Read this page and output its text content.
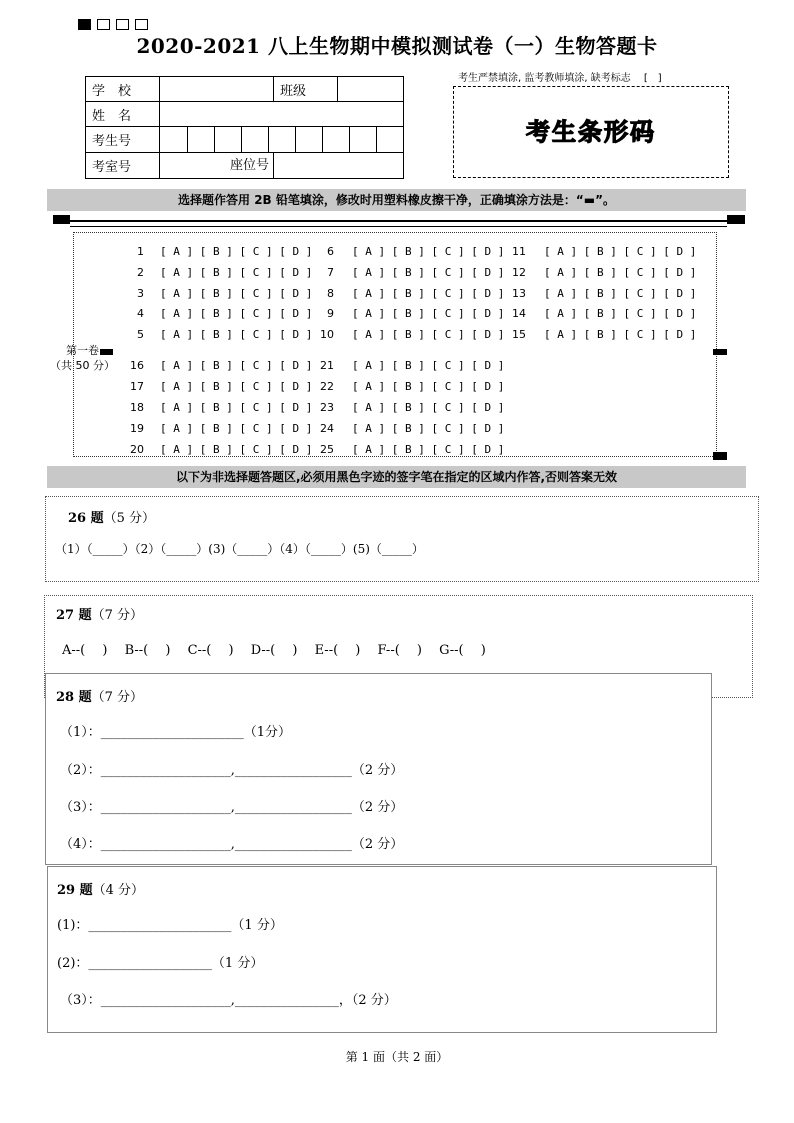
2020-2021 八上生物期中模拟测试卷（一）生物答题卡
学　校		班级	
姓　名			
考生号			

考室号	座位号		

考生严禁填涂, 监考教师填涂, 缺考标志　 [　]
考生条形码
选择题作答用 2B 铅笔填涂，修改时用塑料橡皮擦干净，正确填涂方法是：“▬”。
第一卷
（共 50 分）
1 [ A ] [ B ] [ C ] [ D ]	6 [ A ] [ B ] [ C ] [ D ] 11 [ A ] [ B ] [ C ] [ D ]
2 [ A ] [ B ] [ C ] [ D ]	7 [ A ] [ B ] [ C ] [ D ] 12 [ A ] [ B ] [ C ] [ D ]
3 [ A ] [ B ] [ C ] [ D ]	8 [ A ] [ B ] [ C ] [ D ] 13 [ A ] [ B ] [ C ] [ D ]
4 [ A ] [ B ] [ C ] [ D ]	9 [ A ] [ B ] [ C ] [ D ] 14 [ A ] [ B ] [ C ] [ D ]
5 [ A ] [ B ] [ C ] [ D ] 10 [ A ] [ B ] [ C ] [ D ] 15 [ A ] [ B ] [ C ] [ D ]
16 [ A ] [ B ] [ C ] [ D ] 21 [ A ] [ B ] [ C ] [ D ]
17 [ A ] [ B ] [ C ] [ D ] 22 [ A ] [ B ] [ C ] [ D ]
18 [ A ] [ B ] [ C ] [ D ] 23 [ A ] [ B ] [ C ] [ D ]
19 [ A ] [ B ] [ C ] [ D ] 24 [ A ] [ B ] [ C ] [ D ]
20 [ A ] [ B ] [ C ] [ D ] 25 [ A ] [ B ] [ C ] [ D ]
以下为非选择题答题区,必须用黑色字迹的签字笔在指定的区域内作答,否则答案无效
26 题（5 分）
（1）（_____）（2）（_____）(3)（_____）（4）（_____）(5)（_____）
27 题（7 分）
A--(　 )　 B--(　 )　 C--(　 )　 D--(　 )　 E--(　 )　 F--(　 )　 G--(　 )
28 题（7 分）
（1）：______________________（1分）
（2）：____________________,__________________（2 分）
（3）：____________________,__________________（2 分）
（4）：____________________,__________________（2 分）
29 题（4 分）
(1)：______________________（1 分）
(2)：___________________（1 分）
（3）：____________________,________________，（2 分）
第 1 面（共 2 面）
